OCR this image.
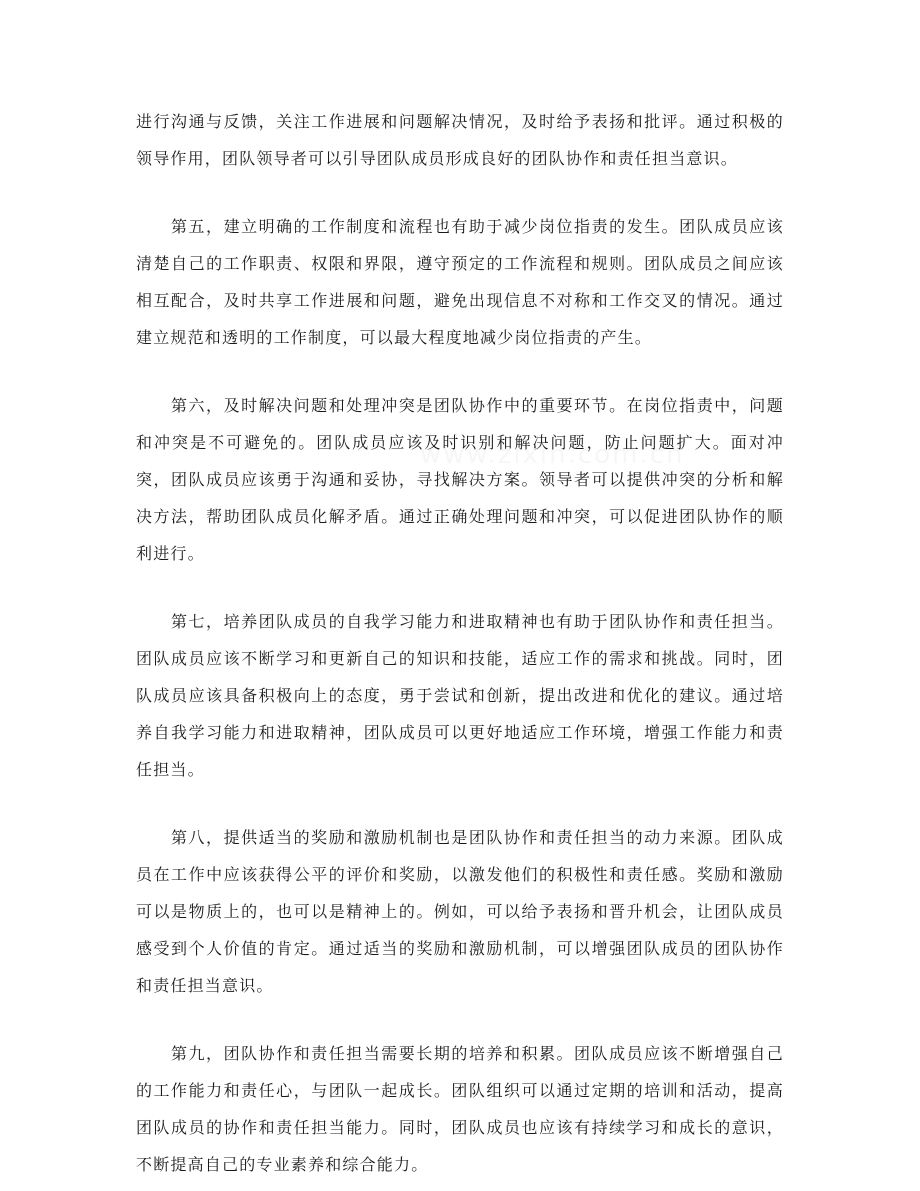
进行沟通与反馈，关注工作进展和问题解决情况，及时给予表扬和批评。通过积极的领导作用，团队领导者可以引导团队成员形成良好的团队协作和责任担当意识。

第五，建立明确的工作制度和流程也有助于减少岗位指责的发生。团队成员应该清楚自己的工作职责、权限和界限，遵守预定的工作流程和规则。团队成员之间应该相互配合，及时共享工作进展和问题，避免出现信息不对称和工作交叉的情况。通过建立规范和透明的工作制度，可以最大程度地减少岗位指责的产生。

第六，及时解决问题和处理冲突是团队协作中的重要环节。在岗位指责中，问题和冲突是不可避免的。团队成员应该及时识别和解决问题，防止问题扩大。面对冲突，团队成员应该勇于沟通和妥协，寻找解决方案。领导者可以提供冲突的分析和解决方法，帮助团队成员化解矛盾。通过正确处理问题和冲突，可以促进团队协作的顺利进行。

第七，培养团队成员的自我学习能力和进取精神也有助于团队协作和责任担当。团队成员应该不断学习和更新自己的知识和技能，适应工作的需求和挑战。同时，团队成员应该具备积极向上的态度，勇于尝试和创新，提出改进和优化的建议。通过培养自我学习能力和进取精神，团队成员可以更好地适应工作环境，增强工作能力和责任担当。

第八，提供适当的奖励和激励机制也是团队协作和责任担当的动力来源。团队成员在工作中应该获得公平的评价和奖励，以激发他们的积极性和责任感。奖励和激励可以是物质上的，也可以是精神上的。例如，可以给予表扬和晋升机会，让团队成员感受到个人价值的肯定。通过适当的奖励和激励机制，可以增强团队成员的团队协作和责任担当意识。

第九，团队协作和责任担当需要长期的培养和积累。团队成员应该不断增强自己的工作能力和责任心，与团队一起成长。团队组织可以通过定期的培训和活动，提高团队成员的协作和责任担当能力。同时，团队成员也应该有持续学习和成长的意识，不断提高自己的专业素养和综合能力。
